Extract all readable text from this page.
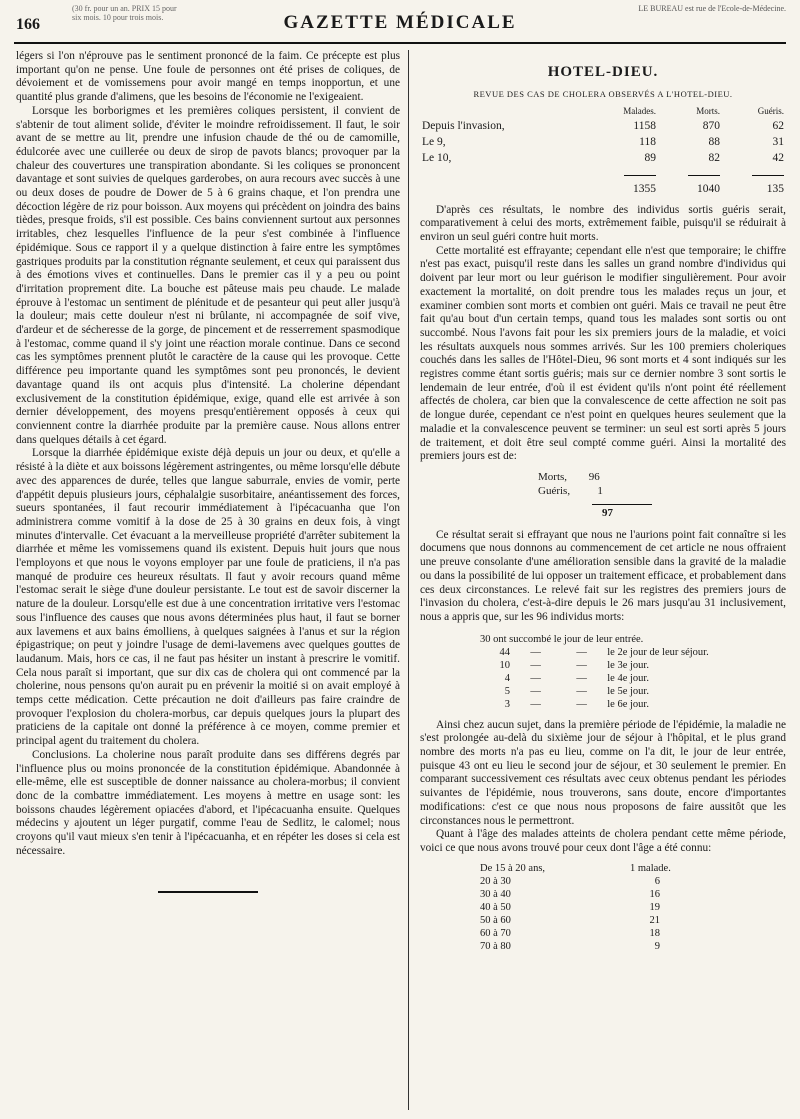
166
(30 fr. pour un an. PRIX 15 pour six mois. 10 pour trois mois.	GAZETTE MÉDICALE
LE BUREAU est rue de l'Ecole-de-Médecine.

légers si l'on n'éprouve pas le sentiment prononcé de la faim. Ce précepte est plus important qu'on ne pense. Une foule de personnes ont été prises de coliques, de dévoiement et de vomissemens pour avoir mangé en temps inopportun, et une quantité plus grande d'alimens, que les besoins de l'économie ne l'exigeaient.

Lorsque les borborigmes et les premières coliques persistent, il convient de s'abtenir de tout aliment solide, d'éviter le moindre refroidissement. Il faut, le soir avant de se mettre au lit, prendre une infusion chaude de thé ou de camomille, édulcorée avec une cuillerée ou deux de sirop de pavots blancs; provoquer par la chaleur des couvertures une transpiration abondante. Si les coliques se prononcent davantage et sont suivies de quelques garderobes, on aura recours avec succès à une ou deux doses de poudre de Dower de 5 à 6 grains chaque, et l'on prendra une décoction légère de riz pour boisson. Aux moyens qui précèdent on joindra des bains tièdes, presque froids, s'il est possible. Ces bains conviennent surtout aux personnes irritables, chez lesquelles l'influence de la peur s'est combinée à l'influence épidémique. Sous ce rapport il y a quelque distinction à faire entre les symptômes gastriques produits par la constitution régnante seulement, et ceux qui paraissent dus à des émotions vives et continuelles. Dans le premier cas il y a peu ou point d'irritation proprement dite. La bouche est pâteuse mais peu chaude. Le malade éprouve à l'estomac un sentiment de plénitude et de pesanteur qui peut aller jusqu'à la douleur; mais cette douleur n'est ni brûlante, ni accompagnée de soif vive, d'ardeur et de sécheresse de la gorge, de pincement et de resserrement spasmodique à l'estomac, comme quand il s'y joint une réaction morale continue. Dans ce second cas les symptômes prennent plutôt le caractère de la cause qui les provoque. Cette différence peu importante quand les symptômes sont peu prononcés, le devient davantage quand ils ont acquis plus d'intensité. La cholerine dépendant exclusivement de la constitution épidémique, exige, quand elle est arrivée à son dernier développement, des moyens presqu'entièrement opposés à ceux qui conviennent contre la diarrhée produite par la première cause. Nous allons entrer dans quelques détails à cet égard.

Lorsque la diarrhée épidémique existe déjà depuis un jour ou deux, et qu'elle a résisté à la diète et aux boissons légèrement astringentes, ou même lorsqu'elle débute avec des apparences de durée, telles que langue saburrale, envies de vomir, perte d'appétit depuis plusieurs jours, céphalalgie susorbitaire, anéantissement des forces, sueurs spontanées, il faut recourir immédiatement à l'ipécacuanha que l'on administrera comme vomitif à la dose de 25 à 30 grains en deux fois, à vingt minutes d'intervalle. Cet évacuant a la merveilleuse propriété d'arrêter subitement la diarrhée et même les vomissemens quand ils existent. Depuis huit jours que nous l'employons et que nous le voyons employer par une foule de praticiens, il n'a pas manqué de produire ces heureux résultats. Il faut y avoir recours quand même l'estomac serait le siège d'une douleur persistante. Le tout est de savoir discerner la nature de la douleur. Lorsqu'elle est due à une concentration irritative vers l'estomac sous l'influence des causes que nous avons déterminées plus haut, il faut se borner aux lavemens et aux bains émolliens, à quelques saignées à l'anus et sur la région épigastrique; on peut y joindre l'usage de demi-lavemens avec quelques gouttes de laudanum. Mais, hors ce cas, il ne faut pas hésiter un instant à prescrire le vomitif. Cela nous paraît si important, que sur dix cas de cholera qui ont commencé par la cholerine, nous pensons qu'on aurait pu en prévenir la moitié si on avait employé à temps cette médication. Cette précaution ne doit d'ailleurs pas faire craindre de provoquer l'explosion du cholera-morbus, car depuis quelques jours la plupart des praticiens de la capitale ont donné la préférence à ce moyen, comme premier et principal agent du traitement du cholera.

Conclusions. La cholerine nous paraît produite dans ses différens degrés par l'influence plus ou moins prononcée de la constitution épidémique. Abandonnée à elle-même, elle est susceptible de donner naissance au cholera-morbus; il convient donc de la combattre immédiatement. Les moyens à mettre en usage sont: les boissons chaudes légèrement opiacées d'abord, et l'ipécacuanha ensuite. Quelques médecins y ajoutent un léger purgatif, comme l'eau de Sedlitz, le calomel; nous croyons qu'il vaut mieux s'en tenir à l'ipécacuanha, et en répéter les doses si cela est nécessaire.

HOTEL-DIEU.
REVUE DES CAS DE CHOLERA OBSERVÉS A L'HOTEL-DIEU.
	Malades.	Morts.	Guéris.
Depuis l'invasion,	1158	870	62
Le 9,	118	88	31
Le 10,	89	82	42

	1355	1040	135

D'après ces résultats, le nombre des individus sortis guéris serait, comparativement à celui des morts, extrêmement faible, puisqu'il se réduirait à environ un seul guéri contre huit morts.

Cette mortalité est effrayante; cependant elle n'est que temporaire; le chiffre n'est pas exact, puisqu'il reste dans les salles un grand nombre d'individus qui doivent par leur mort ou leur guérison le modifier singulièrement. Pour avoir exactement la mortalité, on doit prendre tous les malades reçus un jour, et examiner combien sont morts et combien ont guéri. Mais ce travail ne peut être fait qu'au bout d'un certain temps, quand tous les malades sont sortis ou ont succombé. Nous l'avons fait pour les six premiers jours de la maladie, et voici les résultats auxquels nous sommes arrivés. Sur les 100 premiers choleriques couchés dans les salles de l'Hôtel-Dieu, 96 sont morts et 4 sont indiqués sur les registres comme étant sortis guéris; mais sur ce dernier nombre 3 sont sortis le lendemain de leur entrée, d'où il est évident qu'ils n'ont point été réellement affectés de cholera, car bien que la convalescence de cette affection ne soit pas de longue durée, cependant ce n'est point en quelques heures seulement que la maladie et la convalescence peuvent se terminer: un seul est sorti après 5 jours de traitement, et doit être seul compté comme guéri. Ainsi la mortalité des premiers jours est de:

Morts, 96
Guéris, 1
97

Ce résultat serait si effrayant que nous ne l'aurions point fait connaître si les documens que nous donnons au commencement de cet article ne nous offraient une preuve consolante d'une amélioration sensible dans la gravité de la maladie ou dans la possibilité de lui opposer un traitement efficace, et probablement dans ces deux circonstances. Le relevé fait sur les registres des premiers jours de l'invasion du cholera, c'est-à-dire depuis le 26 mars jusqu'au 31 inclusivement, nous a appris que, sur les 96 individus morts:

30 ont succombé le jour de leur entrée.
44 —	— le 2e jour de leur séjour.
10 —	— le 3e jour.
4 —	— le 4e jour.
5 —	— le 5e jour.
3 —	— le 6e jour.

Ainsi chez aucun sujet, dans la première période de l'épidémie, la maladie ne s'est prolongée au-delà du sixième jour de séjour à l'hôpital, et le plus grand nombre des morts n'a pas eu lieu, comme on l'a dit, le jour de leur entrée, puisque 43 ont eu lieu le second jour de séjour, et 30 seulement le premier. En comparant successivement ces résultats avec ceux obtenus pendant les périodes suivantes de l'épidémie, nous trouverons, sans doute, encore d'importantes modifications: c'est ce que nous nous proposons de faire aussitôt que les circonstances nous le permettront.

Quant à l'âge des malades atteints de cholera pendant cette même période, voici ce que nous avons trouvé pour ceux dont l'âge a été connu:

De 15 à 20 ans,	1 malade.
20 à 30	6
30 à 40	16
40 à 50	19
50 à 60	21
60 à 70	18
70 à 80	9
